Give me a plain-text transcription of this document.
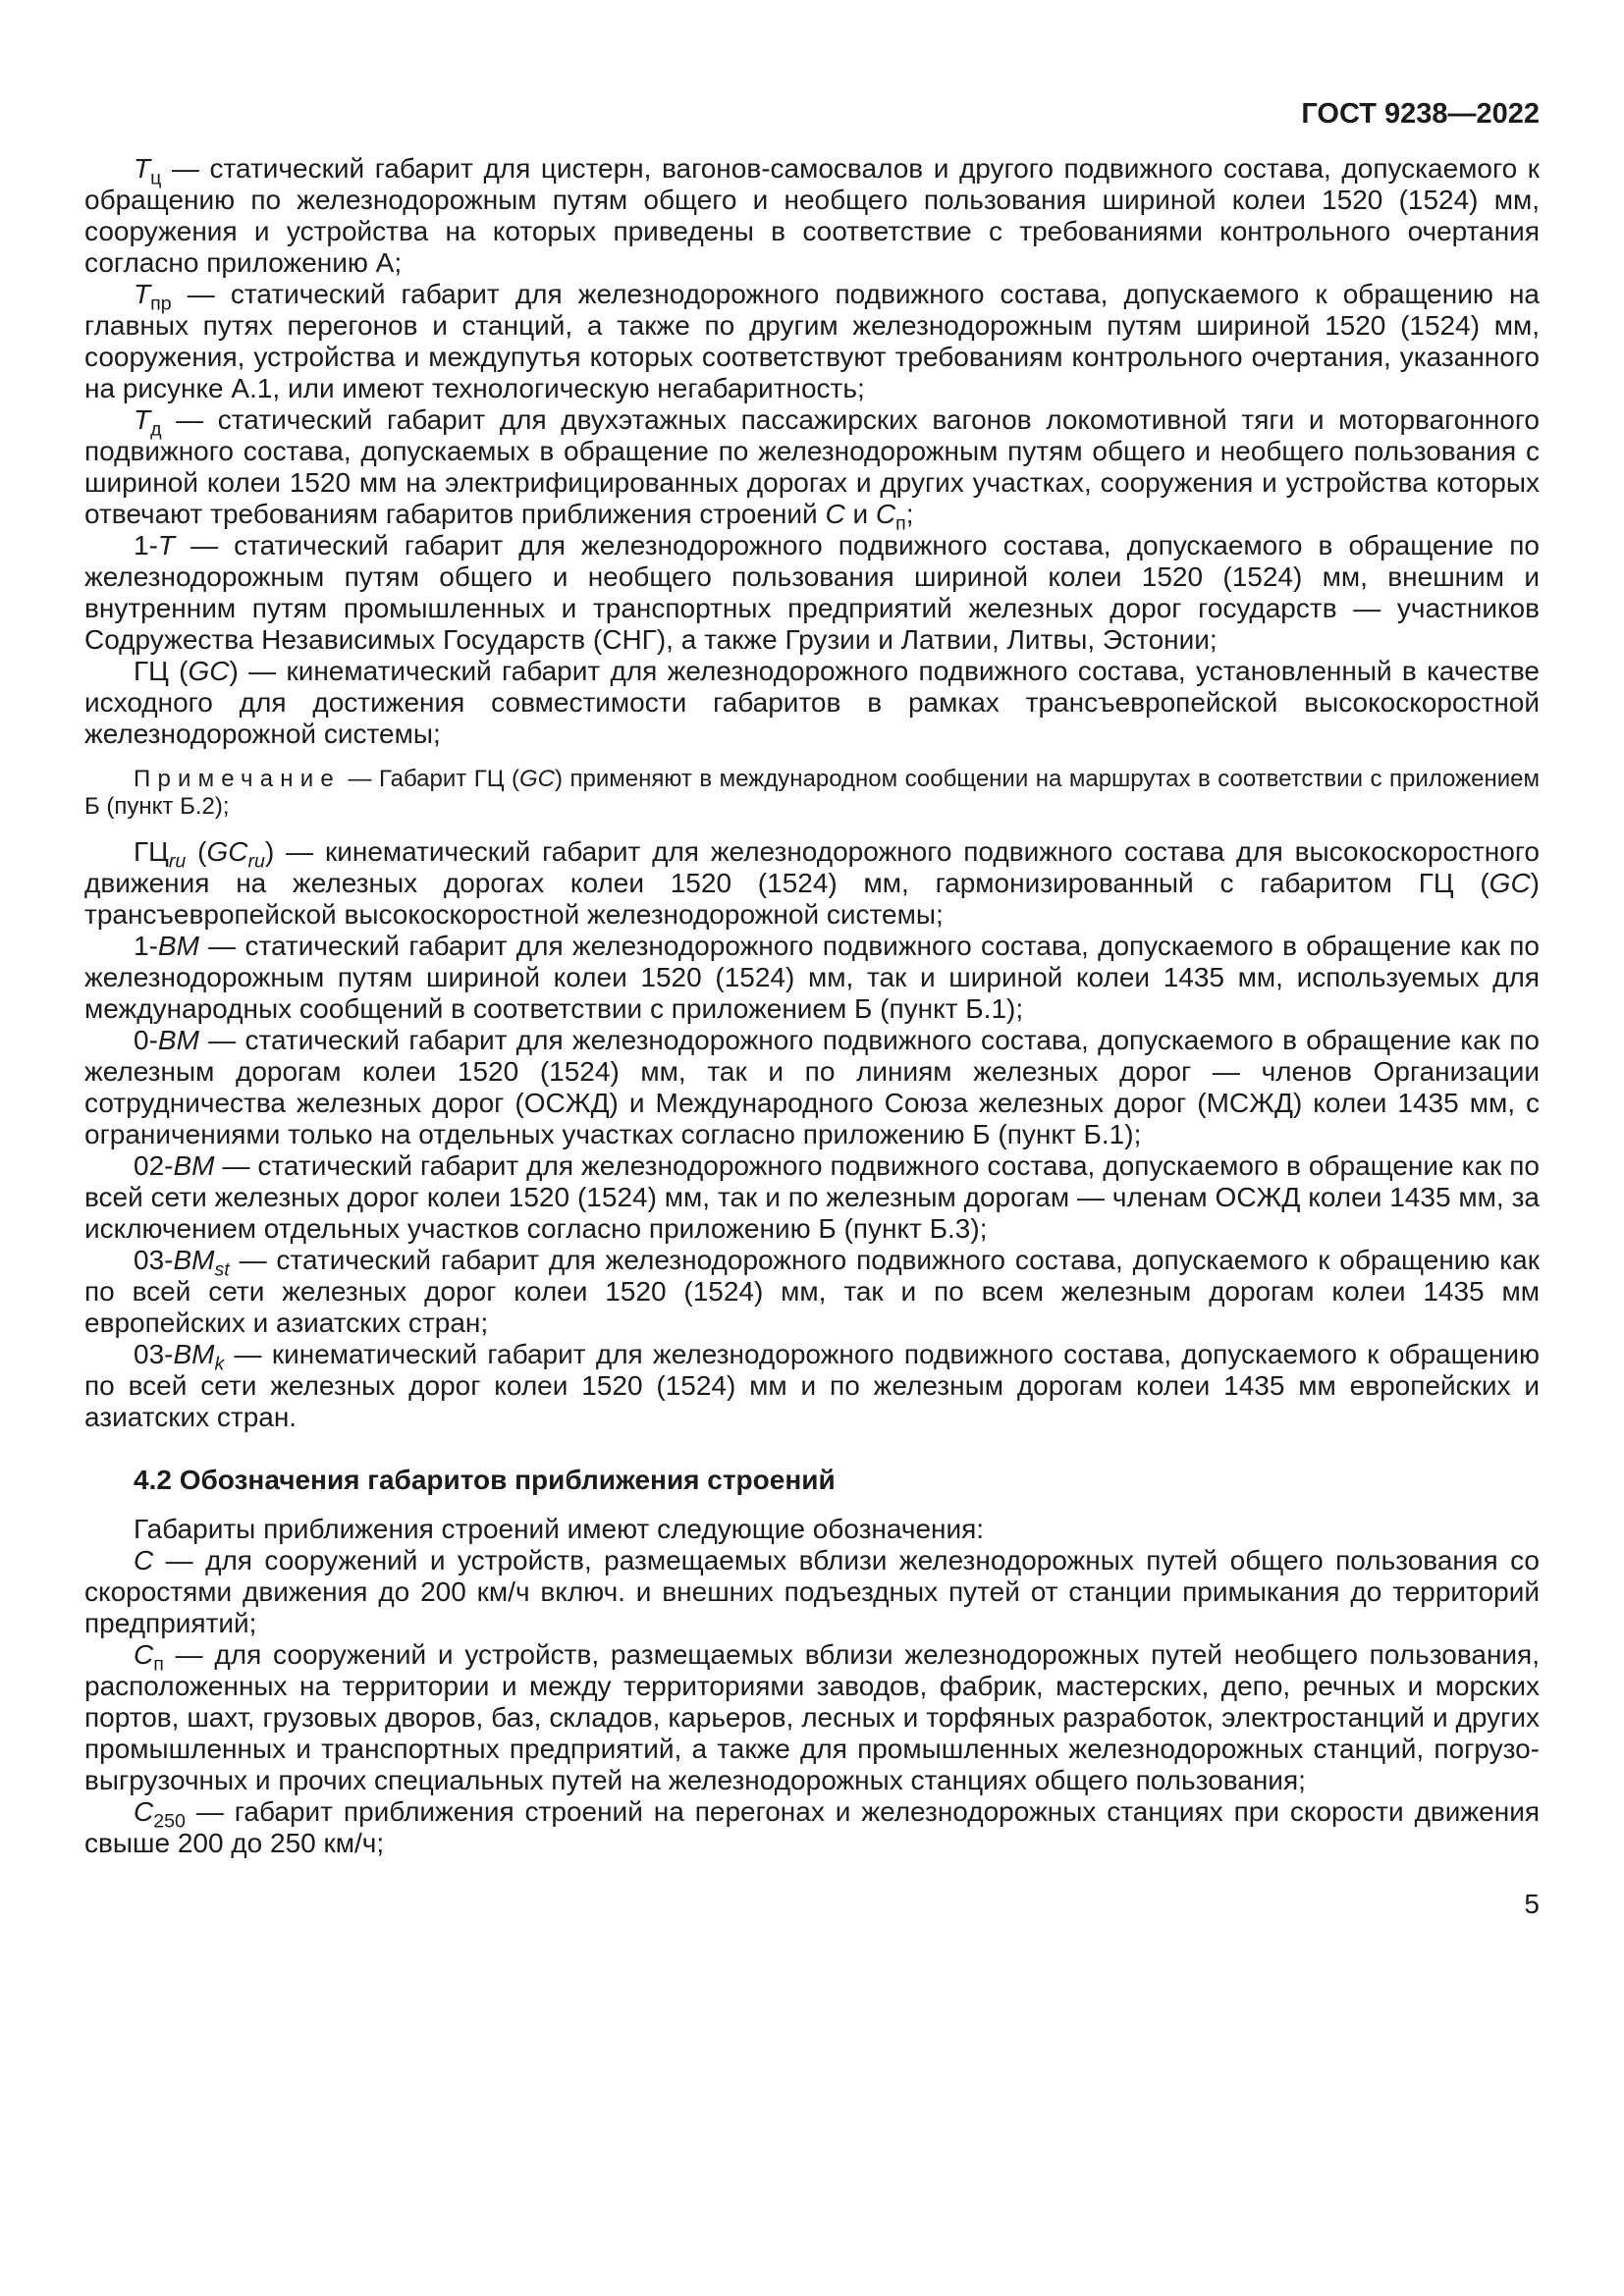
ГОСТ 9238—2022

$Т_ц$ — статический габарит для цистерн, вагонов-самосвалов и другого подвижного состава, допускаемого к обращению по железнодорожным путям общего и необщего пользования шириной колеи 1520 (1524) мм, сооружения и устройства на которых приведены в соответствие с требованиями контрольного очертания согласно приложению А;

$Т_{пр}$ — статический габарит для железнодорожного подвижного состава, допускаемого к обращению на главных путях перегонов и станций, а также по другим железнодорожным путям шириной 1520 (1524) мм, сооружения, устройства и междупутья которых соответствуют требованиям контрольного очертания, указанного на рисунке А.1, или имеют технологическую негабаритность;

$Т_д$ — статический габарит для двухэтажных пассажирских вагонов локомотивной тяги и моторвагонного подвижного состава, допускаемых в обращение по железнодорожным путям общего и необщего пользования с шириной колеи 1520 мм на электрифицированных дорогах и других участках, сооружения и устройства которых отвечают требованиям габаритов приближения строений С и $С_п$;

1-Т — статический габарит для железнодорожного подвижного состава, допускаемого в обращение по железнодорожным путям общего и необщего пользования шириной колеи 1520 (1524) мм, внешним и внутренним путям промышленных и транспортных предприятий железных дорог государств — участников Содружества Независимых Государств (СНГ), а также Грузии и Латвии, Литвы, Эстонии;

ГЦ (GC) — кинематический габарит для железнодорожного подвижного состава, установленный в качестве исходного для достижения совместимости габаритов в рамках трансъевропейской высокоскоростной железнодорожной системы;

Примечание — Габарит ГЦ (GC) применяют в международном сообщении на маршрутах в соответствии с приложением Б (пункт Б.2);

$ГЦ_{ru}$ $(GC_{ru})$ — кинематический габарит для железнодорожного подвижного состава для высокоскоростного движения на железных дорогах колеи 1520 (1524) мм, гармонизированный с габаритом ГЦ (GC) трансъевропейской высокоскоростной железнодорожной системы;

1-ВМ — статический габарит для железнодорожного подвижного состава, допускаемого в обращение как по железнодорожным путям шириной колеи 1520 (1524) мм, так и шириной колеи 1435 мм, используемых для международных сообщений в соответствии с приложением Б (пункт Б.1);

0-ВМ — статический габарит для железнодорожного подвижного состава, допускаемого в обращение как по железным дорогам колеи 1520 (1524) мм, так и по линиям железных дорог — членов Организации сотрудничества железных дорог (ОСЖД) и Международного Союза железных дорог (МСЖД) колеи 1435 мм, с ограничениями только на отдельных участках согласно приложению Б (пункт Б.1);

02-ВМ — статический габарит для железнодорожного подвижного состава, допускаемого в обращение как по всей сети железных дорог колеи 1520 (1524) мм, так и по железным дорогам — членам ОСЖД колеи 1435 мм, за исключением отдельных участков согласно приложению Б (пункт Б.3);

$03-ВМ_{st}$ — статический габарит для железнодорожного подвижного состава, допускаемого к обращению как по всей сети железных дорог колеи 1520 (1524) мм, так и по всем железным дорогам колеи 1435 мм европейских и азиатских стран;

$03-ВМ_k$ — кинематический габарит для железнодорожного подвижного состава, допускаемого к обращению по всей сети железных дорог колеи 1520 (1524) мм и по железным дорогам колеи 1435 мм европейских и азиатских стран.

4.2 Обозначения габаритов приближения строений

Габариты приближения строений имеют следующие обозначения:

С — для сооружений и устройств, размещаемых вблизи железнодорожных путей общего пользования со скоростями движения до 200 км/ч включ. и внешних подъездных путей от станции примыкания до территорий предприятий;

$С_п$ — для сооружений и устройств, размещаемых вблизи железнодорожных путей необщего пользования, расположенных на территории и между территориями заводов, фабрик, мастерских, депо, речных и морских портов, шахт, грузовых дворов, баз, складов, карьеров, лесных и торфяных разработок, электростанций и других промышленных и транспортных предприятий, а также для промышленных железнодорожных станций, погрузо-выгрузочных и прочих специальных путей на железнодорожных станциях общего пользования;

$С_{250}$ — габарит приближения строений на перегонах и железнодорожных станциях при скорости движения свыше 200 до 250 км/ч;

5
